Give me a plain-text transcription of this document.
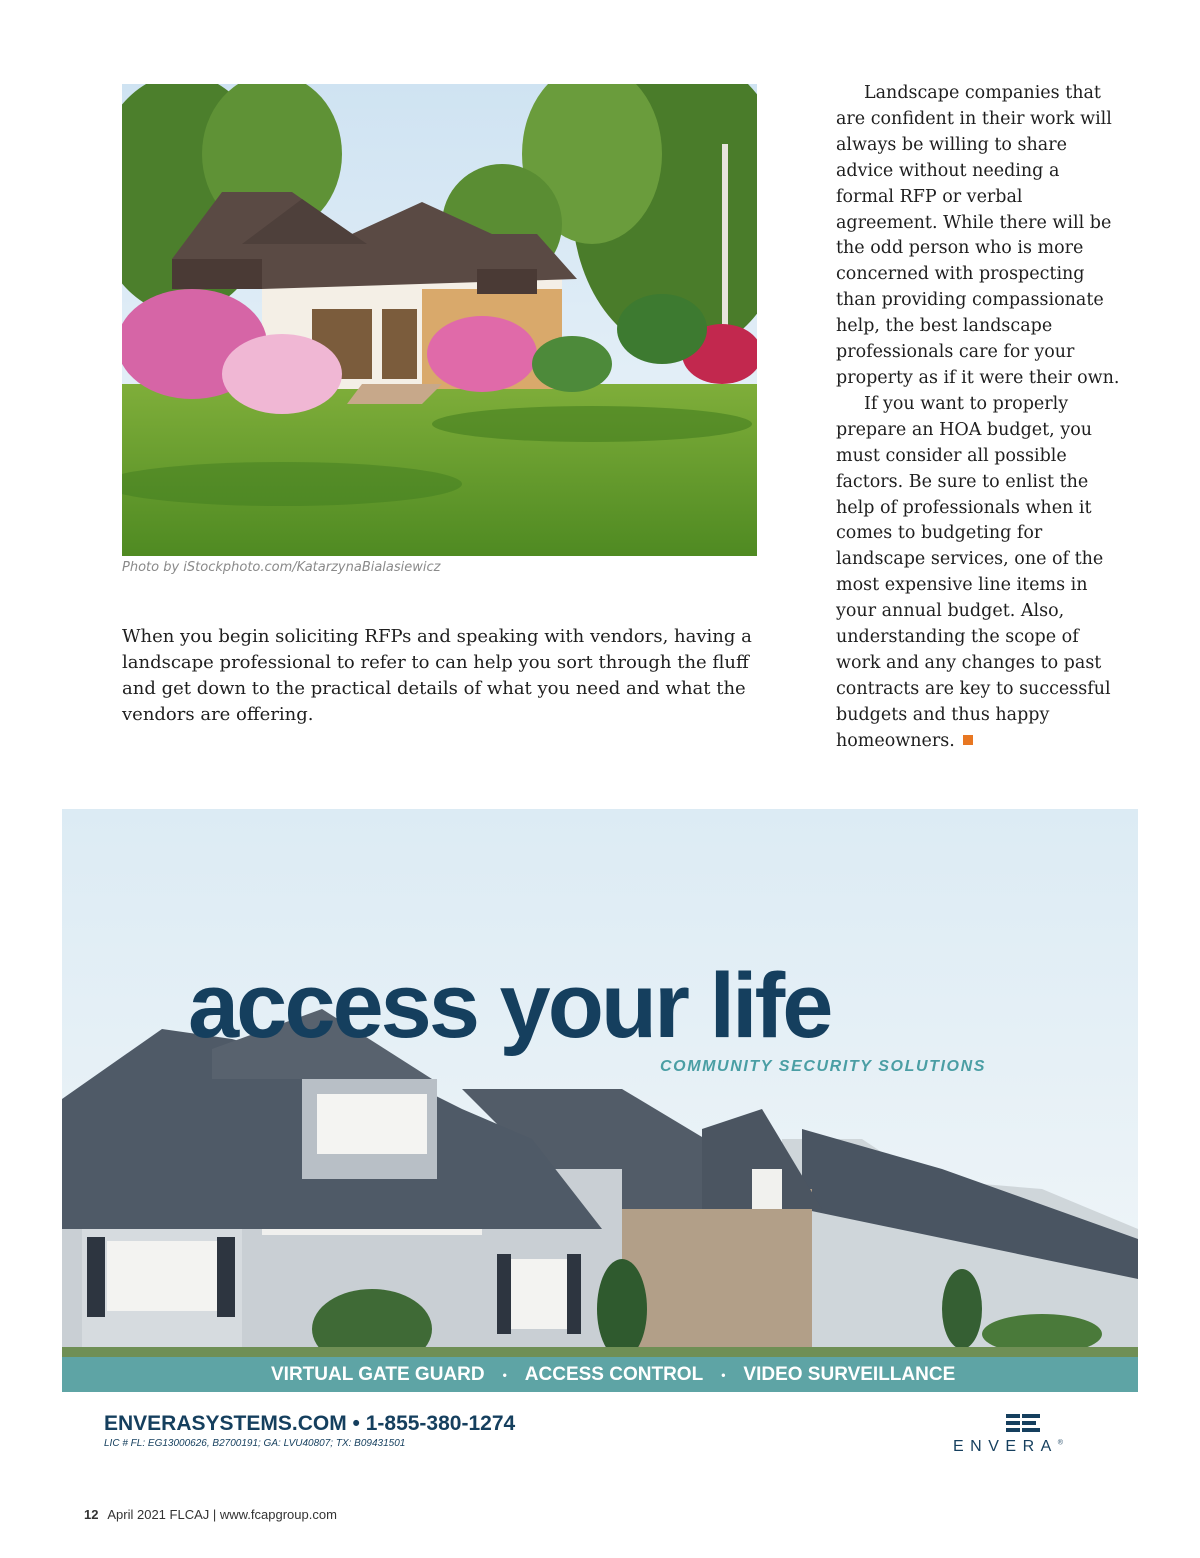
Photo by iStockphoto.com/KatarzynaBialasiewicz

When you begin soliciting RFPs and speaking with vendors, having a landscape professional to refer to can help you sort through the fluff and get down to the practical details of what you need and what the vendors are offering.

Landscape companies that are confident in their work will always be willing to share advice without needing a formal RFP or verbal agreement. While there will be the odd person who is more concerned with prospecting than providing compassionate help, the best landscape professionals care for your property as if it were their own.

If you want to properly prepare an HOA budget, you must consider all possible factors. Be sure to enlist the help of professionals when it comes to budgeting for landscape services, one of the most expensive line items in your annual budget. Also, understanding the scope of work and any changes to past contracts are key to successful budgets and thus happy homeowners.

access your life
COMMUNITY SECURITY SOLUTIONS
VIRTUAL GATE GUARD • ACCESS CONTROL • VIDEO SURVEILLANCE
ENVERASYSTEMS.COM • 1-855-380-1274
LIC # FL: EG13000626, B2700191; GA: LVU40807; TX: B09431501	ENVERA®
12 April 2021 FLCAJ | www.fcapgroup.com
